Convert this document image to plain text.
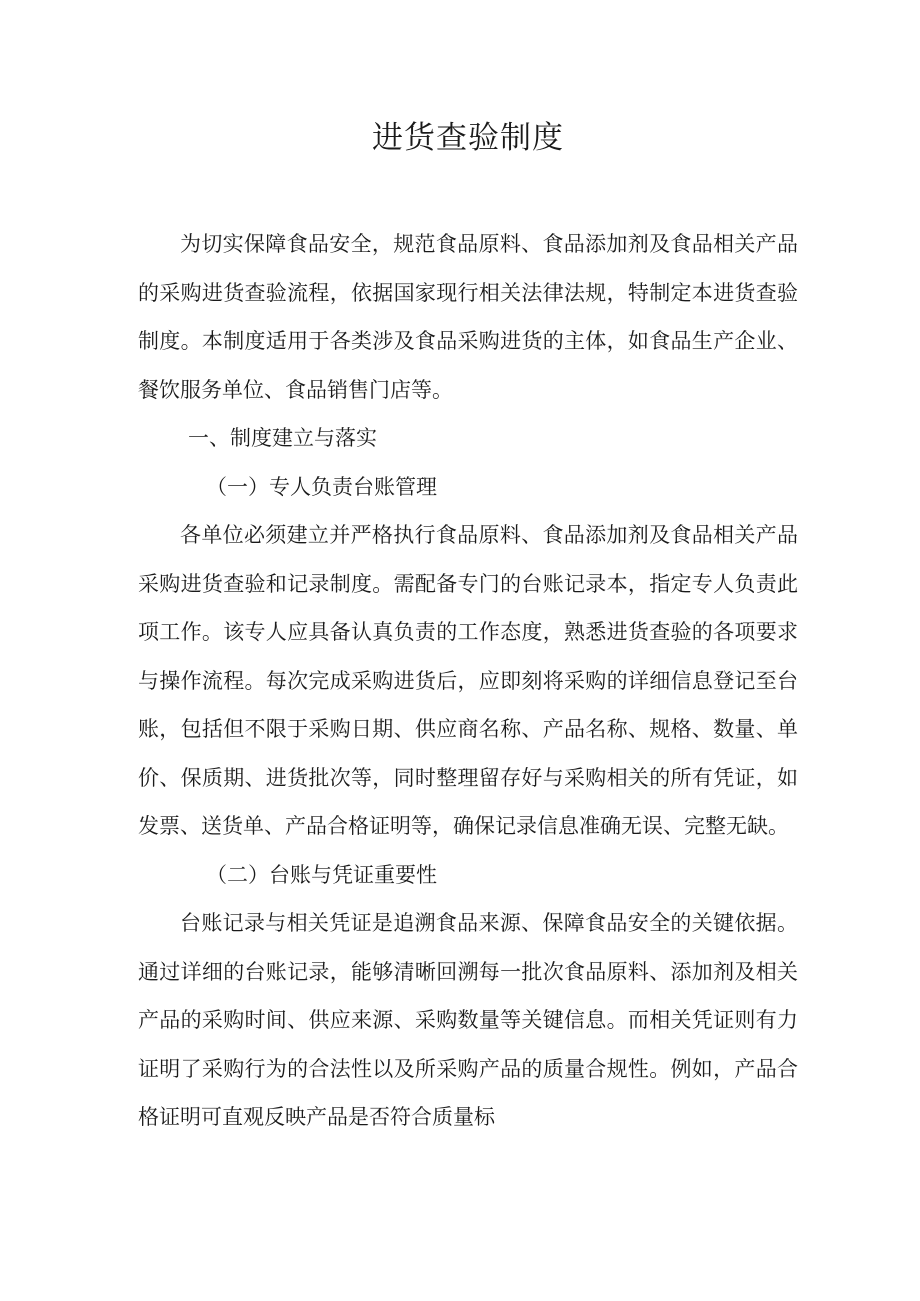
进货查验制度

为切实保障食品安全，规范食品原料、食品添加剂及食品相关产品的采购进货查验流程，依据国家现行相关法律法规，特制定本进货查验制度。本制度适用于各类涉及食品采购进货的主体，如食品生产企业、餐饮服务单位、食品销售门店等。

一、制度建立与落实

（一）专人负责台账管理

各单位必须建立并严格执行食品原料、食品添加剂及食品相关产品采购进货查验和记录制度。需配备专门的台账记录本，指定专人负责此项工作。该专人应具备认真负责的工作态度，熟悉进货查验的各项要求与操作流程。每次完成采购进货后，应即刻将采购的详细信息登记至台账，包括但不限于采购日期、供应商名称、产品名称、规格、数量、单价、保质期、进货批次等，同时整理留存好与采购相关的所有凭证，如发票、送货单、产品合格证明等，确保记录信息准确无误、完整无缺。

（二）台账与凭证重要性

台账记录与相关凭证是追溯食品来源、保障食品安全的关键依据。通过详细的台账记录，能够清晰回溯每一批次食品原料、添加剂及相关产品的采购时间、供应来源、采购数量等关键信息。而相关凭证则有力证明了采购行为的合法性以及所采购产品的质量合规性。例如，产品合格证明可直观反映产品是否符合质量标
